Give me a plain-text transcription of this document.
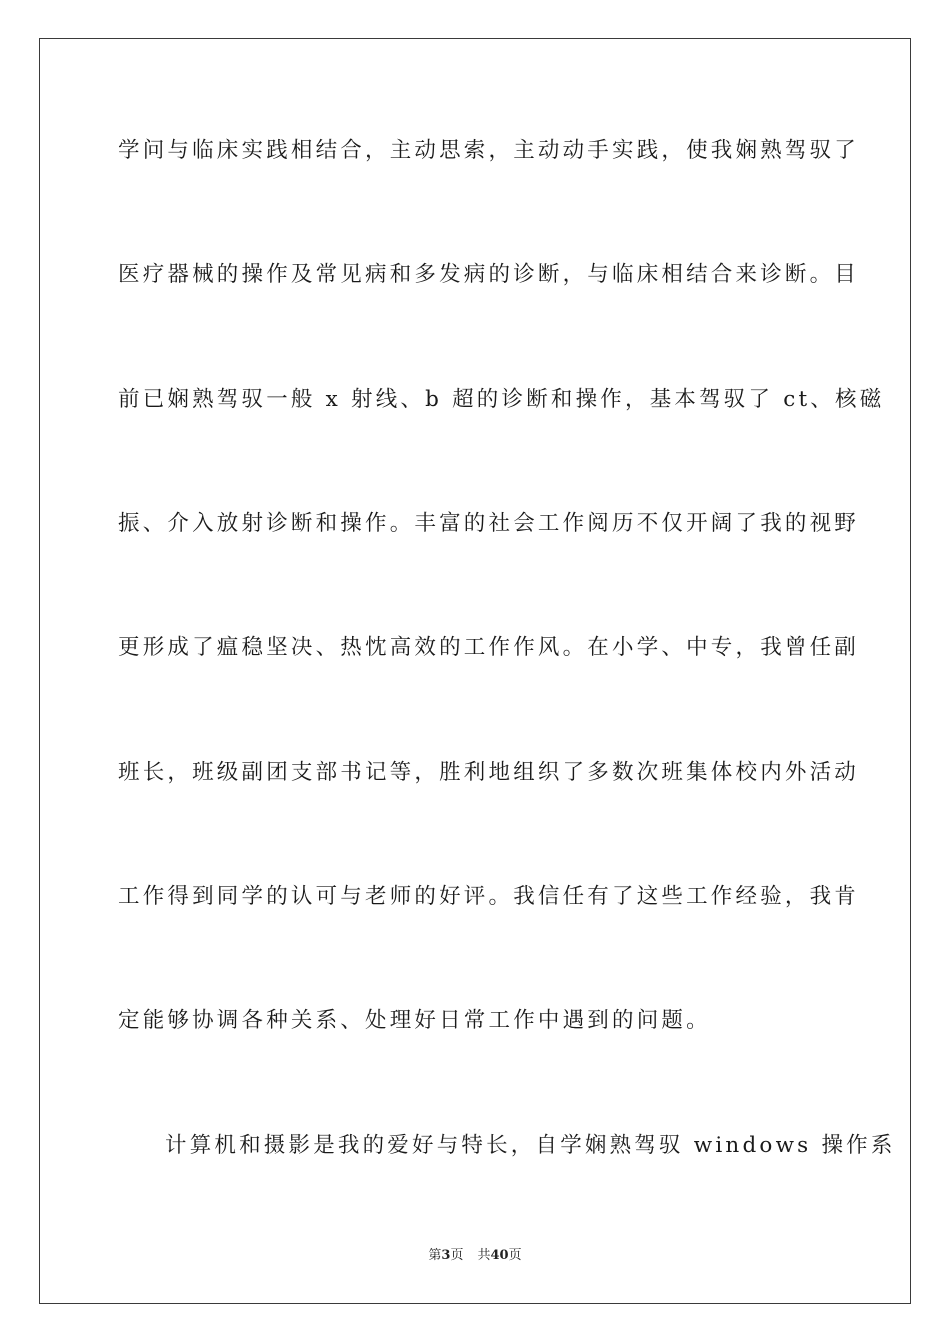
学问与临床实践相结合，主动思索，主动动手实践，使我娴熟驾驭了
医疗器械的操作及常见病和多发病的诊断，与临床相结合来诊断。目
前已娴熟驾驭一般 x 射线、b 超的诊断和操作，基本驾驭了 ct、核磁
振、介入放射诊断和操作。丰富的社会工作阅历不仅开阔了我的视野
更形成了瘟稳坚决、热忱高效的工作作风。在小学、中专，我曾任副
班长，班级副团支部书记等，胜利地组织了多数次班集体校内外活动
工作得到同学的认可与老师的好评。我信任有了这些工作经验，我肯
定能够协调各种关系、处理好日常工作中遇到的问题。
计算机和摄影是我的爱好与特长，自学娴熟驾驭 windows 操作系
第3页 共40页
